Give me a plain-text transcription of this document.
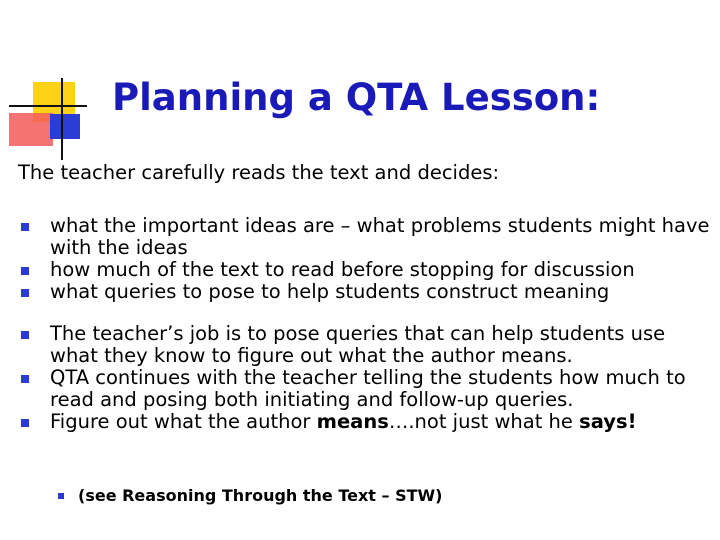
Planning a QTA Lesson:

The teacher carefully reads the text and decides:

what the important ideas are – what problems students might have with the ideas
how much of the text to read before stopping for discussion
what queries to pose to help students construct meaning
The teacher’s job is to pose queries that can help students use what they know to figure out what the author means.
QTA continues with the teacher telling the students how much to read and posing both initiating and follow-up queries.
Figure out what the author means….not just what he says!
(see Reasoning Through the Text – STW)
